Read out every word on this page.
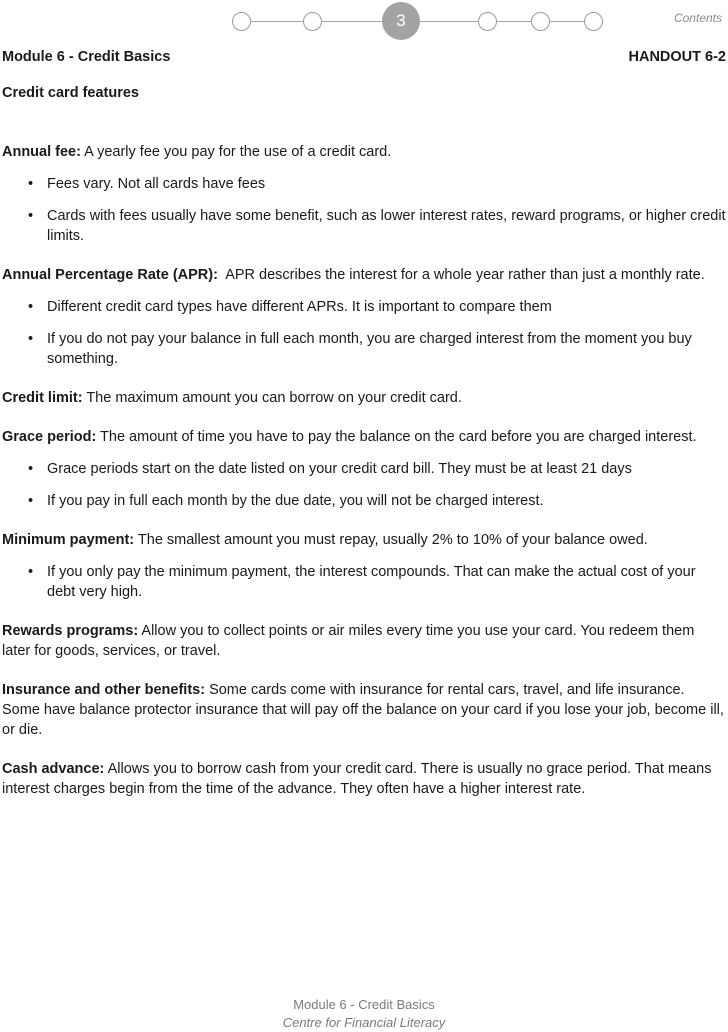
3	Contents
Module 6 - Credit Basics	HANDOUT 6-2
Credit card features

Annual fee: A yearly fee you pay for the use of a credit card.

• Fees vary. Not all cards have fees
• Cards with fees usually have some benefit, such as lower interest rates, reward programs, or higher credit limits.

Annual Percentage Rate (APR):  APR describes the interest for a whole year rather than just a monthly rate.

• Different credit card types have different APRs. It is important to compare them
• If you do not pay your balance in full each month, you are charged interest from the moment you buy something.

Credit limit: The maximum amount you can borrow on your credit card.

Grace period: The amount of time you have to pay the balance on the card before you are charged interest.

• Grace periods start on the date listed on your credit card bill. They must be at least 21 days
• If you pay in full each month by the due date, you will not be charged interest.

Minimum payment: The smallest amount you must repay, usually 2% to 10% of your balance owed.

• If you only pay the minimum payment, the interest compounds. That can make the actual cost of your debt very high.

Rewards programs: Allow you to collect points or air miles every time you use your card. You redeem them later for goods, services, or travel.

Insurance and other benefits: Some cards come with insurance for rental cars, travel, and life insurance. Some have balance protector insurance that will pay off the balance on your card if you lose your job, become ill, or die.

Cash advance: Allows you to borrow cash from your credit card. There is usually no grace period. That means interest charges begin from the time of the advance. They often have a higher interest rate.

Module 6 - Credit Basics
Centre for Financial Literacy
